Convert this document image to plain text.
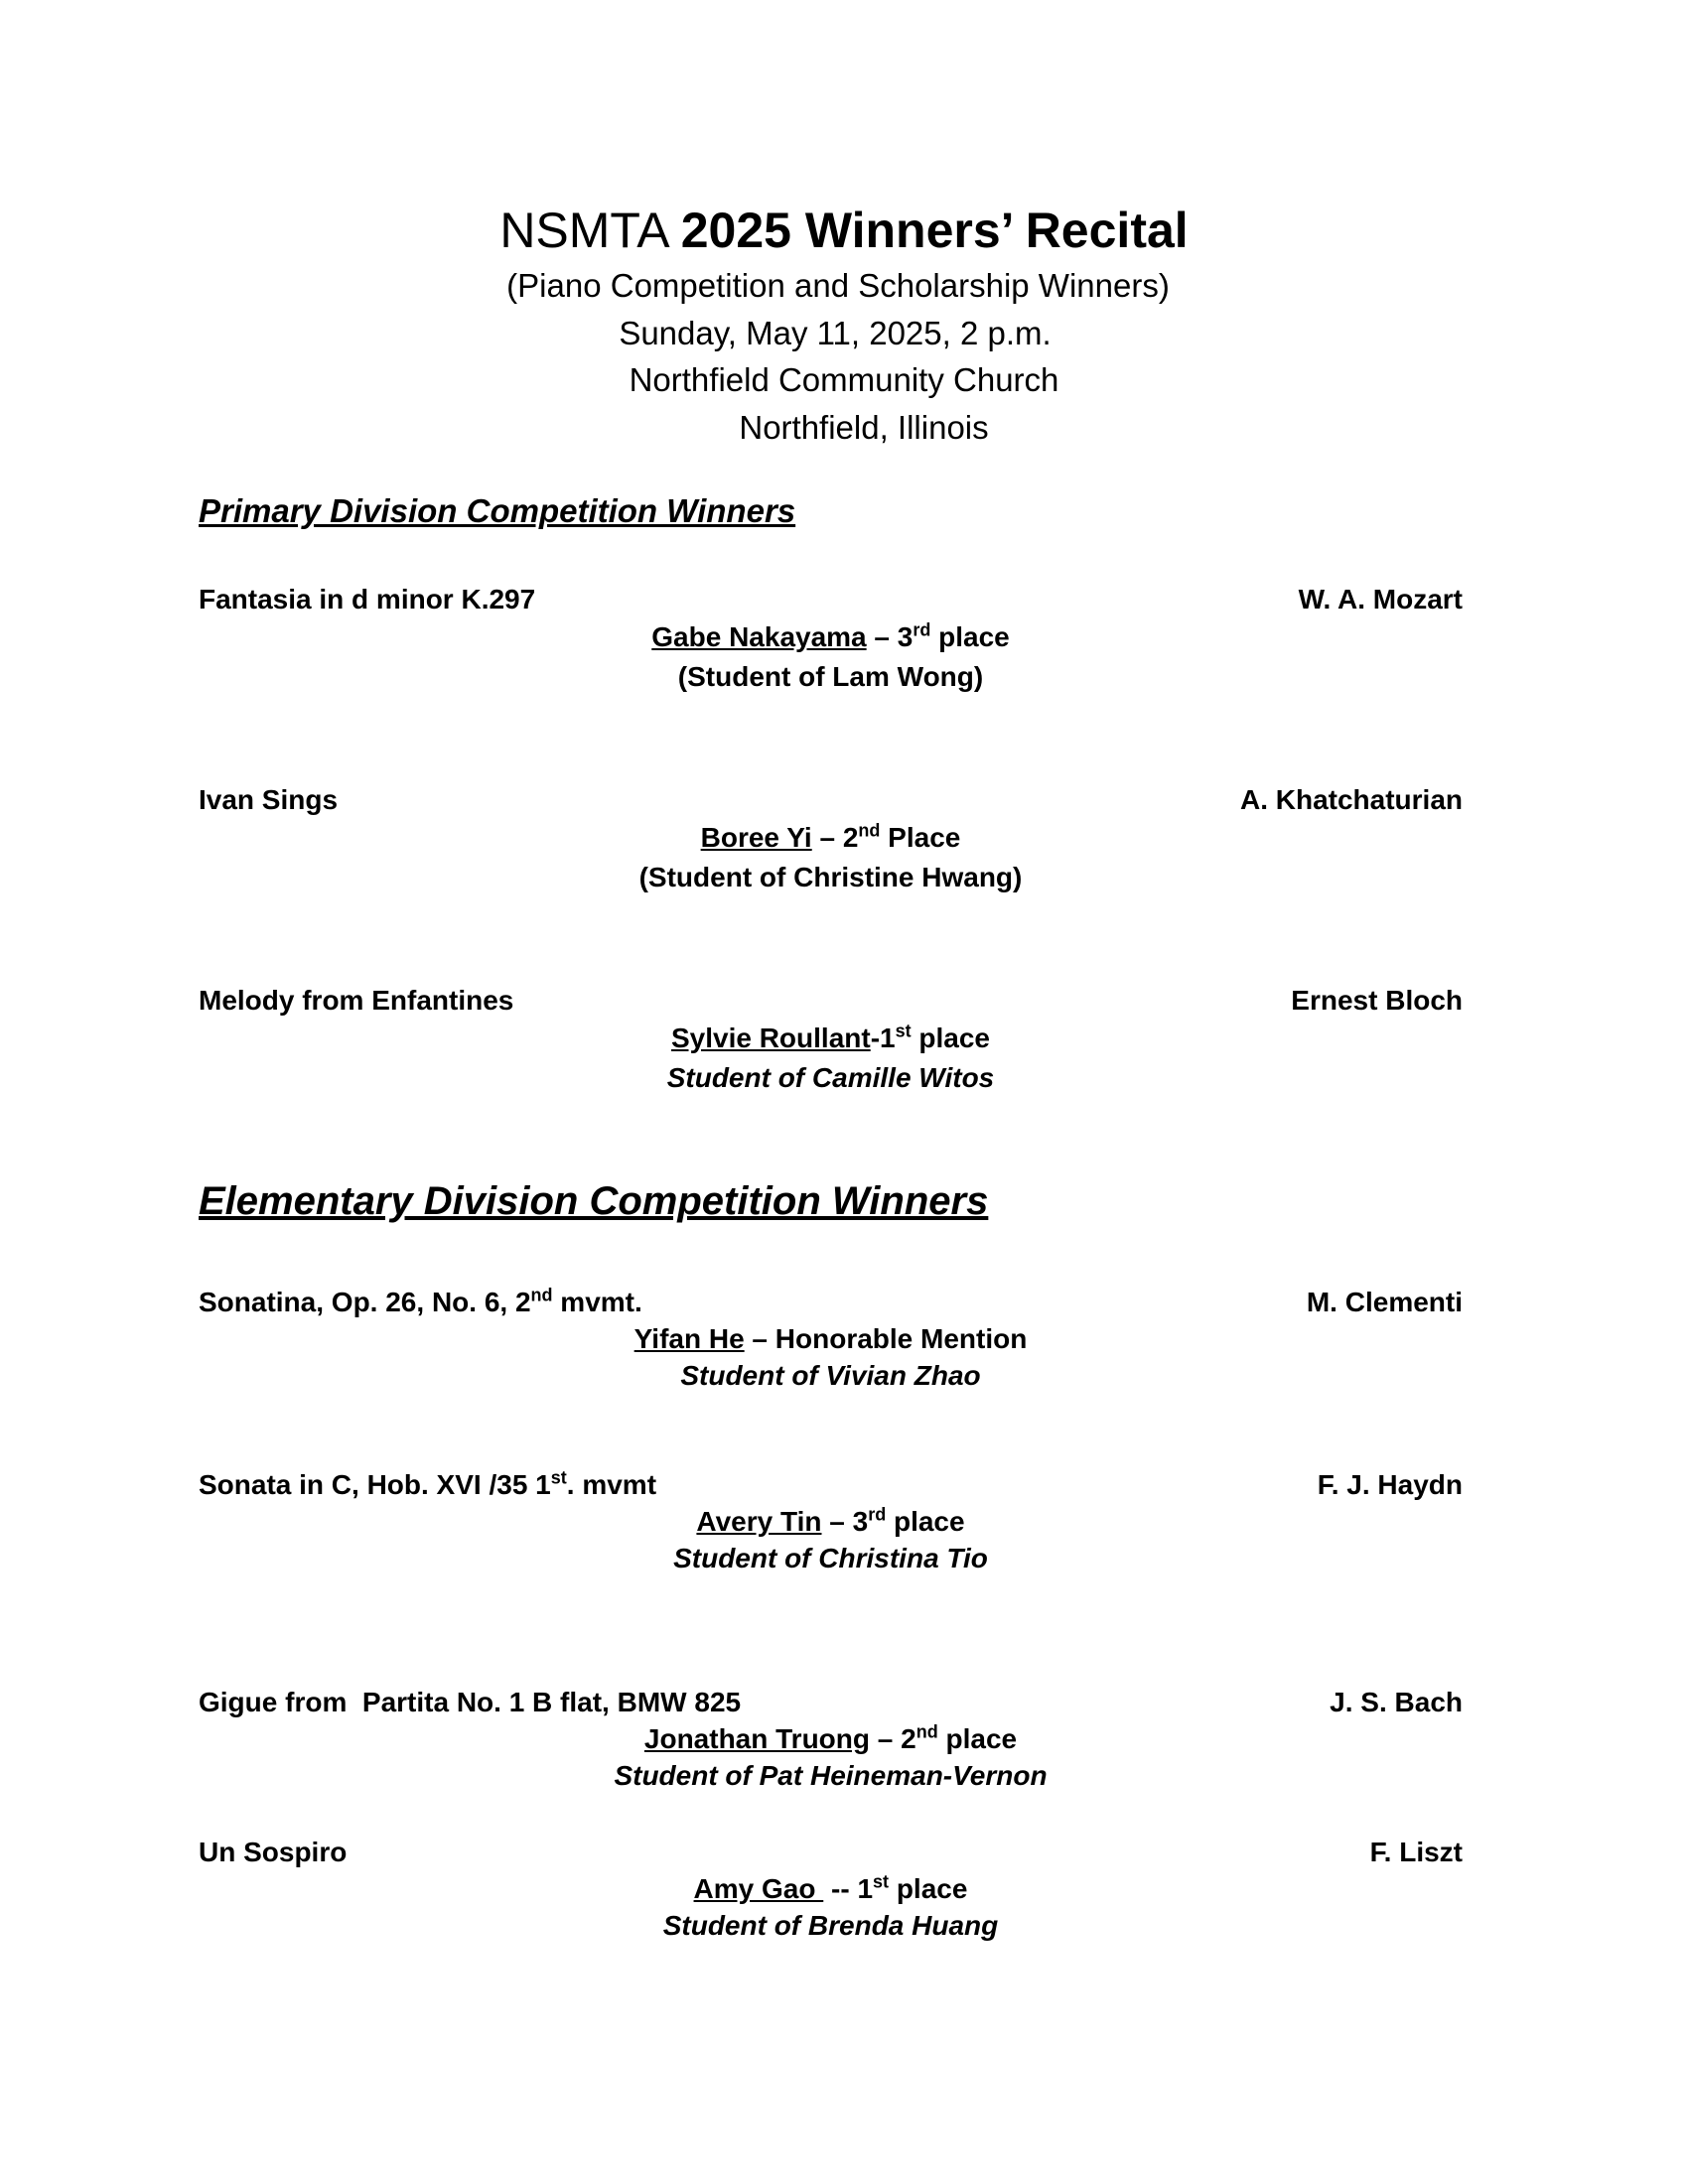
NSMTA 2025 Winners’ Recital
(Piano Competition and Scholarship Winners)
Sunday, May 11, 2025, 2 p.m.
Northfield Community Church
Northfield, Illinois
Primary Division Competition Winners
Fantasia in d minor K.297	W. A. Mozart
Gabe Nakayama – 3rd place
(Student of Lam Wong)
Ivan Sings	A. Khatchaturian
Boree Yi – 2nd Place
(Student of Christine Hwang)
Melody from Enfantines	Ernest Bloch
Sylvie Roullant-1st place
Student of Camille Witos
Elementary Division Competition Winners
Sonatina, Op. 26, No. 6, 2nd mvmt.	M. Clementi
Yifan He – Honorable Mention
Student of Vivian Zhao
Sonata in C, Hob. XVI /35 1st. mvmt	F. J. Haydn
Avery Tin – 3rd place
Student of Christina Tio
Gigue from  Partita No. 1 B flat, BMW 825	J. S. Bach
Jonathan Truong – 2nd place
Student of Pat Heineman-Vernon
Un Sospiro	F. Liszt
Amy Gao  -- 1st place
Student of Brenda Huang
